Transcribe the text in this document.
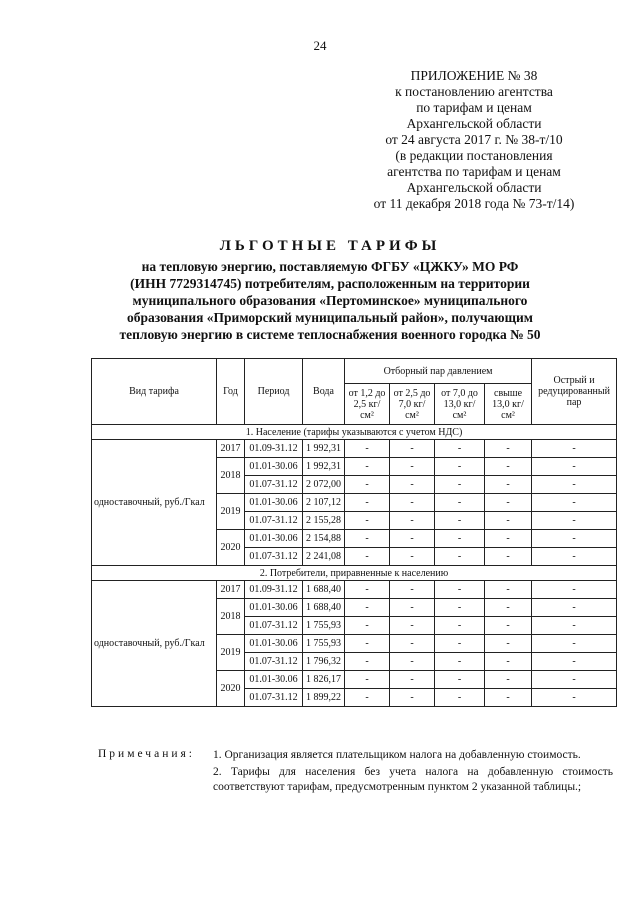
24
ПРИЛОЖЕНИЕ № 38
к постановлению агентства
по тарифам и ценам
Архангельской области
от 24 августа 2017 г. № 38-т/10
(в редакции постановления
агентства по тарифам и ценам
Архангельской области
от 11 декабря 2018 года № 73-т/14)
ЛЬГОТНЫЕ ТАРИФЫ
на тепловую энергию, поставляемую ФГБУ «ЦЖКУ» МО РФ
(ИНН 7729314745) потребителям, расположенным на территории
муниципального образования «Пертоминское» муниципального
образования «Приморский муниципальный район», получающим
тепловую энергию в системе теплоснабжения военного городка № 50
Вид тарифа	Год	Период	Вода	Отборный пар давлением				Острый и редуцированный пар
				от 1,2 до 2,5 кг/см²	от 2,5 до 7,0 кг/см²	от 7,0 до 13,0 кг/см²	свыше 13,0 кг/см²	
1. Население (тарифы указываются с учетом НДС)								
одноставочный, руб./Гкал	2017	01.09-31.12	1 992,31	-	-	-	-	-
	2018	01.01-30.06	1 992,31	-	-	-	-	-
		01.07-31.12	2 072,00	-	-	-	-	-
	2019	01.01-30.06	2 107,12	-	-	-	-	-
		01.07-31.12	2 155,28	-	-	-	-	-
	2020	01.01-30.06	2 154,88	-	-	-	-	-
		01.07-31.12	2 241,08	-	-	-	-	-
2. Потребители, приравненные к населению								
одноставочный, руб./Гкал	2017	01.09-31.12	1 688,40	-	-	-	-	-
	2018	01.01-30.06	1 688,40	-	-	-	-	-
		01.07-31.12	1 755,93	-	-	-	-	-
	2019	01.01-30.06	1 755,93	-	-	-	-	-
		01.07-31.12	1 796,32	-	-	-	-	-
	2020	01.01-30.06	1 826,17	-	-	-	-	-
		01.07-31.12	1 899,22	-	-	-	-	-
Примечания: 1. Организация является плательщиком налога на добавленную стоимость.
2. Тарифы для населения без учета налога на добавленную стоимость соответствуют тарифам, предусмотренным пунктом 2 указанной таблицы.;
